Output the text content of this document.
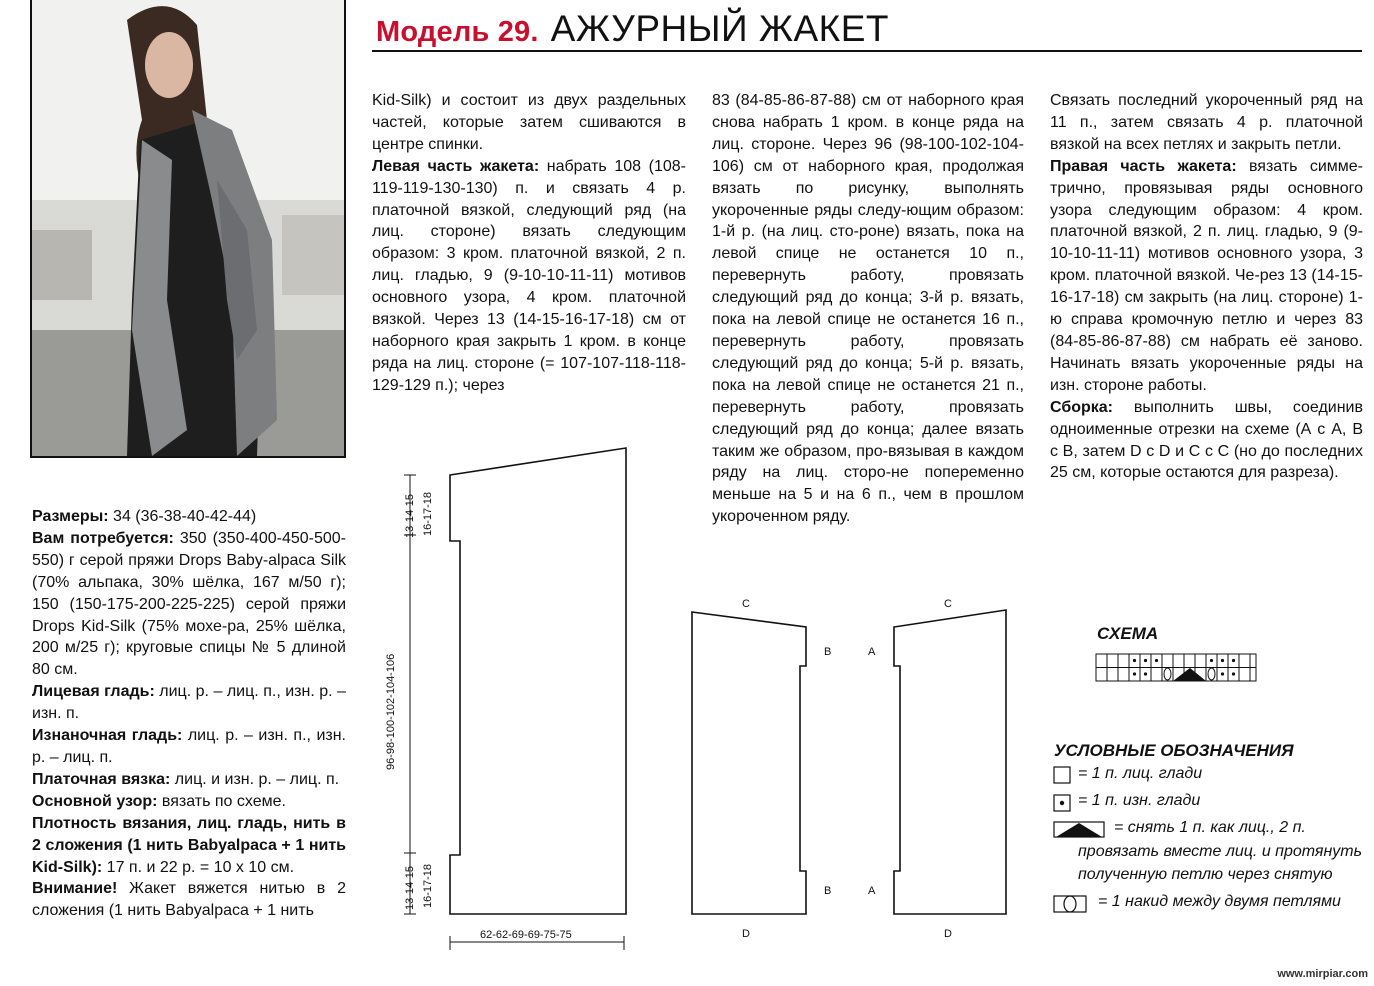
Модель 29. АЖУРНЫЙ ЖАКЕТ

Размеры: 34 (36-38-40-42-44)

Вам потребуется: 350 (350-400-450-500-550) г серой пряжи Drops Baby-alpaca Silk (70% альпака, 30% шёлка, 167 м/50 г); 150 (150-175-200-225-225) серой пряжи Drops Kid-Silk (75% мохе-ра, 25% шёлка, 200 м/25 г); круговые спицы № 5 длиной 80 см.

Лицевая гладь: лиц. р. – лиц. п., изн. р. – изн. п.

Изнаночная гладь: лиц. р. – изн. п., изн. р. – лиц. п.

Платочная вязка: лиц. и изн. р. – лиц. п.

Основной узор: вязать по схеме.

Плотность вязания, лиц. гладь, нить в 2 сложения (1 нить Babyalpaca + 1 нить Kid-Silk): 17 п. и 22 р. = 10 x 10 см.

Внимание! Жакет вяжется нитью в 2 сложения (1 нить Babyalpaca + 1 нить

Kid-Silk) и состоит из двух раздельных частей, которые затем сшиваются в центре спинки.

Левая часть жакета: набрать 108 (108-119-119-130-130) п. и связать 4 р. платочной вязкой, следующий ряд (на лиц. стороне) вязать следующим образом: 3 кром. платочной вязкой, 2 п. лиц. гладью, 9 (9-10-10-11-11) мотивов основного узора, 4 кром. платочной вязкой. Через 13 (14-15-16-17-18) см от наборного края закрыть 1 кром. в конце ряда на лиц. стороне (= 107-107-118-118-129-129 п.); через

83 (84-85-86-87-88) см от наборного края снова набрать 1 кром. в конце ряда на лиц. стороне. Через 96 (98-100-102-104-106) см от наборного края, продолжая вязать по рисунку, выполнять укороченные ряды следу-ющим образом: 1-й р. (на лиц. сто-роне) вязать, пока на левой спице не останется 10 п., перевернуть работу, провязать следующий ряд до конца; 3-й р. вязать, пока на левой спице не останется 16 п., перевернуть работу, провязать следующий ряд до конца; 5-й р. вязать, пока на левой спице не останется 21 п., перевернуть работу, провязать следующий ряд до конца; далее вязать таким же образом, про-вязывая в каждом ряду на лиц. сторо-не попеременно меньше на 5 и на 6 п., чем в прошлом укороченном ряду.

Связать последний укороченный ряд на 11 п., затем связать 4 р. платочной вязкой на всех петлях и закрыть петли.

Правая часть жакета: вязать симме-трично, провязывая ряды основного узора следующим образом: 4 кром. платочной вязкой, 2 п. лиц. гладью, 9 (9-10-10-11-11) мотивов основного узора, 3 кром. платочной вязкой. Че-рез 13 (14-15-16-17-18) см закрыть (на лиц. стороне) 1-ю справа кромочную петлю и через 83 (84-85-86-87-88) см набрать её заново. Начинать вязать укороченные ряды на изн. стороне работы.

Сборка: выполнить швы, соединив одноименные отрезки на схеме (А с А, В с В, затем D с D и С с С (но до последних 25 см, которые остаются для разреза).

13-14-15 16-17-18
96-98-100-102-104-106
13-14-15 16-17-18
62-62-69-69-75-75
C	C
B	A
B	A
D	D
СХЕМА
УСЛОВНЫЕ ОБОЗНАЧЕНИЯ
= 1 п. лиц. глади
= 1 п. изн. глади
= снять 1 п. как лиц., 2 п.
провязать вместе лиц. и протянуть
полученную петлю через снятую
= 1 накид между двумя петлями
www.mirpiar.com
